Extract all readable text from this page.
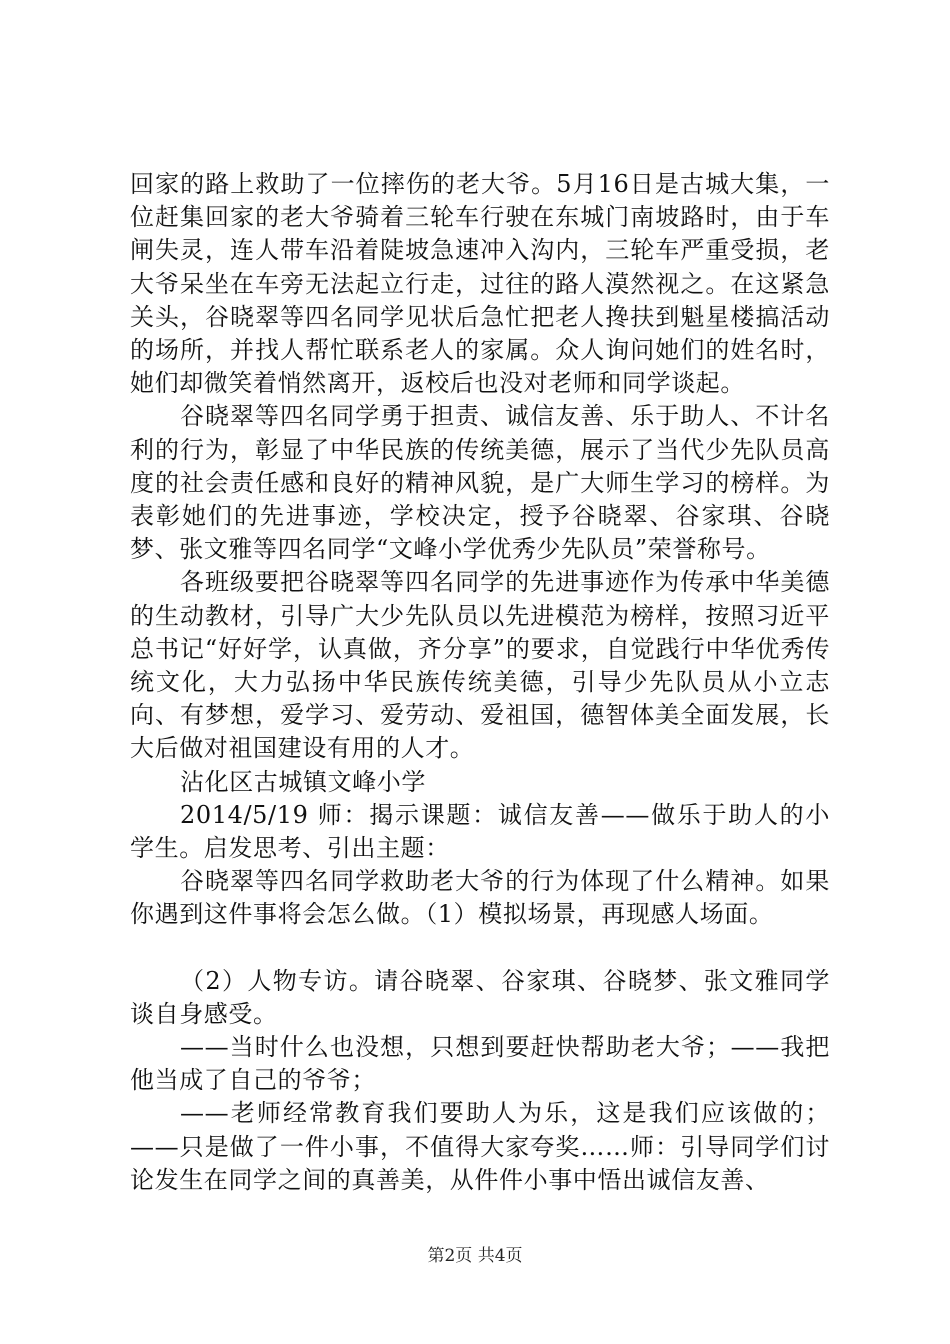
回家的路上救助了一位摔伤的老大爷。5月16日是古城大集，一位赶集回家的老大爷骑着三轮车行驶在东城门南坡路时，由于车闸失灵，连人带车沿着陡坡急速冲入沟内，三轮车严重受损，老大爷呆坐在车旁无法起立行走，过往的路人漠然视之。在这紧急关头，谷晓翠等四名同学见状后急忙把老人搀扶到魁星楼搞活动的场所，并找人帮忙联系老人的家属。众人询问她们的姓名时，她们却微笑着悄然离开，返校后也没对老师和同学谈起。

谷晓翠等四名同学勇于担责、诚信友善、乐于助人、不计名利的行为，彰显了中华民族的传统美德，展示了当代少先队员高度的社会责任感和良好的精神风貌，是广大师生学习的榜样。为表彰她们的先进事迹，学校决定，授予谷晓翠、谷家琪、谷晓梦、张文雅等四名同学“文峰小学优秀少先队员”荣誉称号。

各班级要把谷晓翠等四名同学的先进事迹作为传承中华美德的生动教材，引导广大少先队员以先进模范为榜样，按照习近平总书记“好好学，认真做，齐分享”的要求，自觉践行中华优秀传统文化，大力弘扬中华民族传统美德，引导少先队员从小立志向、有梦想，爱学习、爱劳动、爱祖国，德智体美全面发展，长大后做对祖国建设有用的人才。

沾化区古城镇文峰小学

2014/5/19 师：揭示课题：诚信友善——做乐于助人的小学生。启发思考、引出主题：

谷晓翠等四名同学救助老大爷的行为体现了什么精神。如果你遇到这件事将会怎么做。（1）模拟场景，再现感人场面。

（2）人物专访。请谷晓翠、谷家琪、谷晓梦、张文雅同学谈自身感受。

——当时什么也没想，只想到要赶快帮助老大爷；——我把他当成了自己的爷爷；

——老师经常教育我们要助人为乐，这是我们应该做的；——只是做了一件小事，不值得大家夸奖……师：引导同学们讨论发生在同学之间的真善美，从件件小事中悟出诚信友善、

第2页 共4页
